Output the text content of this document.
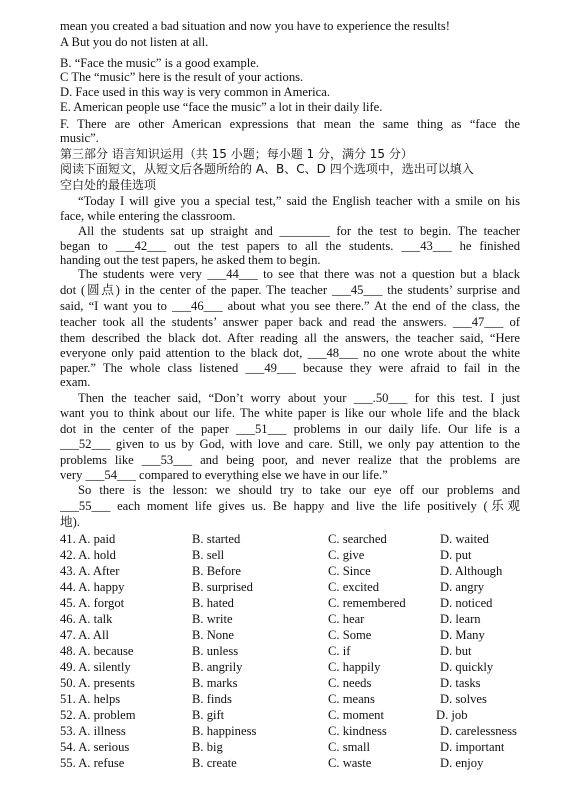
mean you created a bad situation and now you have to experience the results!
A But you do not listen at all.
B. “Face the music” is a good example.
C The “music” here is the result of your actions.
D. Face used in this way is very common in America.
E. American people use “face the music” a lot in their daily life.
F. There are other American expressions that mean the same thing as “face the
music”.
第三部分 语言知识运用（共 15 小题；每小题 1 分，满分 15 分）
阅读下面短文，从短文后各题所给的 A、B、C、D 四个选项中，选出可以填入
空白处的最佳选项
“Today I will give you a special test,” said the English teacher with a smile on his
face, while entering the classroom.
All the students sat up straight and ________ for the test to begin. The teacher
began to ___42___ out the test papers to all the students. ___43___ he finished
handing out the test papers, he asked them to begin.
The students were very ___44___ to see that there was not a question but a black
dot (圆点) in the center of the paper. The teacher ___45___ the students’ surprise and
said, “I want you to ___46___ about what you see there.” At the end of the class, the
teacher took all the students’ answer paper back and read the answers. ___47___ of
them described the black dot. After reading all the answers, the teacher said, “Here
everyone only paid attention to the black dot, ___48___ no one wrote about the white
paper.” The whole class listened ___49___ because they were afraid to fail in the
exam.
Then the teacher said, “Don’t worry about your ___.50___ for this test. I just
want you to think about our life. The white paper is like our whole life and the black
dot in the center of the paper ___51___ problems in our daily life. Our life is a
___52___ given to us by God, with love and care. Still, we only pay attention to the
problems like ___53___ and being poor, and never realize that the problems are
very ___54___ compared to everything else we have in our life.”
So there is the lesson: we should try to take our eye off our problems and
___55___ each moment life gives us. Be happy and live the life positively (乐观
地).
41. A. paid	B. started	C. searched	D. waited
42. A. hold	B. sell	C. give	D. put
43. A. After	B. Before	C. Since	D. Although
44. A. happy	B. surprised	C. excited	D. angry
45. A. forgot	B. hated	C. remembered	D. noticed
46. A. talk	B. write	C. hear	D. learn
47. A. All	B. None	C. Some	D. Many
48. A. because	B. unless	C. if	D. but
49. A. silently	B. angrily	C. happily	D. quickly
50. A. presents	B. marks	C. needs	D. tasks
51. A. helps	B. finds	C. means	D. solves
52. A. problem	B. gift	C. moment	D. job
53. A. illness	B. happiness	C. kindness	D. carelessness
54. A. serious	B. big	C. small	D. important
55. A. refuse	B. create	C. waste	D. enjoy
